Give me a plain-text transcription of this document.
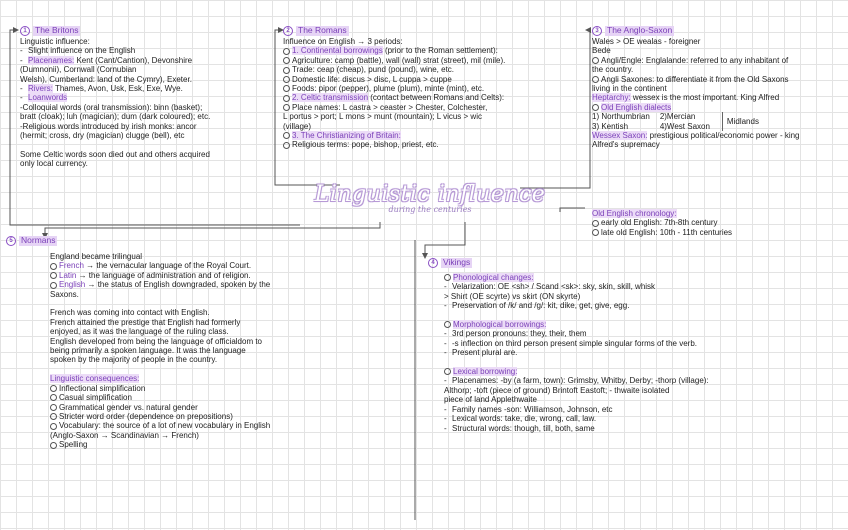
Linguistic influence
during the centuries
1 The Britons
Linguistic influence:
- Slight influence on the English
- Placenames: Kent (Cant/Cantion), Devonshire
(Dumnonii), Cornwall (Cornubian
Welsh), Cumberland: land of the Cymry), Exeter.
- Rivers: Thames, Avon, Usk, Esk, Exe, Wye.
- Loanwords
-Colloquial words (oral transmission): binn (basket);
bratt (cloak); luh (magician); dum (dark coloured); etc.
-Religious words introduced by irish monks: ancor
(hermit; cross, dry (magician) clugge (bell), etc

Some Celtic words soon died out and others acquired
only local currency.
2 The Romans
Influence on English → 3 periods:
1. Continental borrowings (prior to the Roman settlement):
Agriculture: camp (battle), wall (wall) strat (street), mil (mile).
Trade: ceap (cheap), pund (pound), wine, etc.
Domestic life: discus > disc, L cuppa > cuppe
Foods: pipor (pepper), plume (plum), minte (mint), etc.
2. Celtic transmission (contact between Romans and Celts):
Place names: L castra > ceaster > Chester, Colchester,
L portus > port; L mons > munt (mountain); L vicus > wic
(village)
3. The Christianizing of Britain:
Religious terms: pope, bishop, priest, etc.
3 The Anglo-Saxon
Wales > OE wealas - foreigner
Bede
Angli/Engle: Englalande: referred to any inhabitant of
the country.
Angli Saxones: to differentiate it from the Old Saxons
living in the continent
Heptarchy: wessex is the most important. King Alfred
Old English dialects
1) Northumbrian
3) Kentish
2)Mercian
4)West Saxon
Midlands
Wessex Saxon: prestigious political/economic power - king
Alfred's supremacy
Old English chronology:
early old English: 7th-8th century
late old English: 10th - 11th centuries
5 Normans
England became trilingual
French → the vernacular language of the Royal Court.
Latin → the language of administration and of religion.
English → the status of English downgraded, spoken by the
Saxons.

French was coming into contact with English.
French attained the prestige that English had formerly
enjoyed, as it was the language of the ruling class.
English developed from being the language of officialdom to
being primarily a spoken language. It was the language
spoken by the majority of people in the country.

Linguistic consequences:
Inflectional simplification
Casual simplification
Grammatical gender vs. natural gender
Stricter word order (dependence on prepositions)
Vocabulary: the source of a lot of new vocabulary in English
(Anglo-Saxon → Scandinavian → French)
Spelling
4 Vikings
Phonological changes:
- Velarization: OE <sh> / Scand <sk>: sky, skin, skill, whisk
> Shirt (OE scyrte) vs skirt (ON skyrte)
- Preservation of /k/ and /g/: kit, dike, get, give, egg.

Morphological borrowings:
- 3rd person pronouns: they, their, them
- -s inflection on third person present simple singular forms of the verb.
- Present plural are.

Lexical borrowing:
- Placenames: -by (a farm, town): Grimsby, Whitby, Derby; -thorp (village):
Althorp; -toft (piece of ground) Brintoft Eastoft; - thwaite isolated
piece of land Applethwaite
- Family names -son: Williamson, Johnson, etc
- Lexical words: take, die, wrong, call, law.
- Structural words: though, till, both, same
